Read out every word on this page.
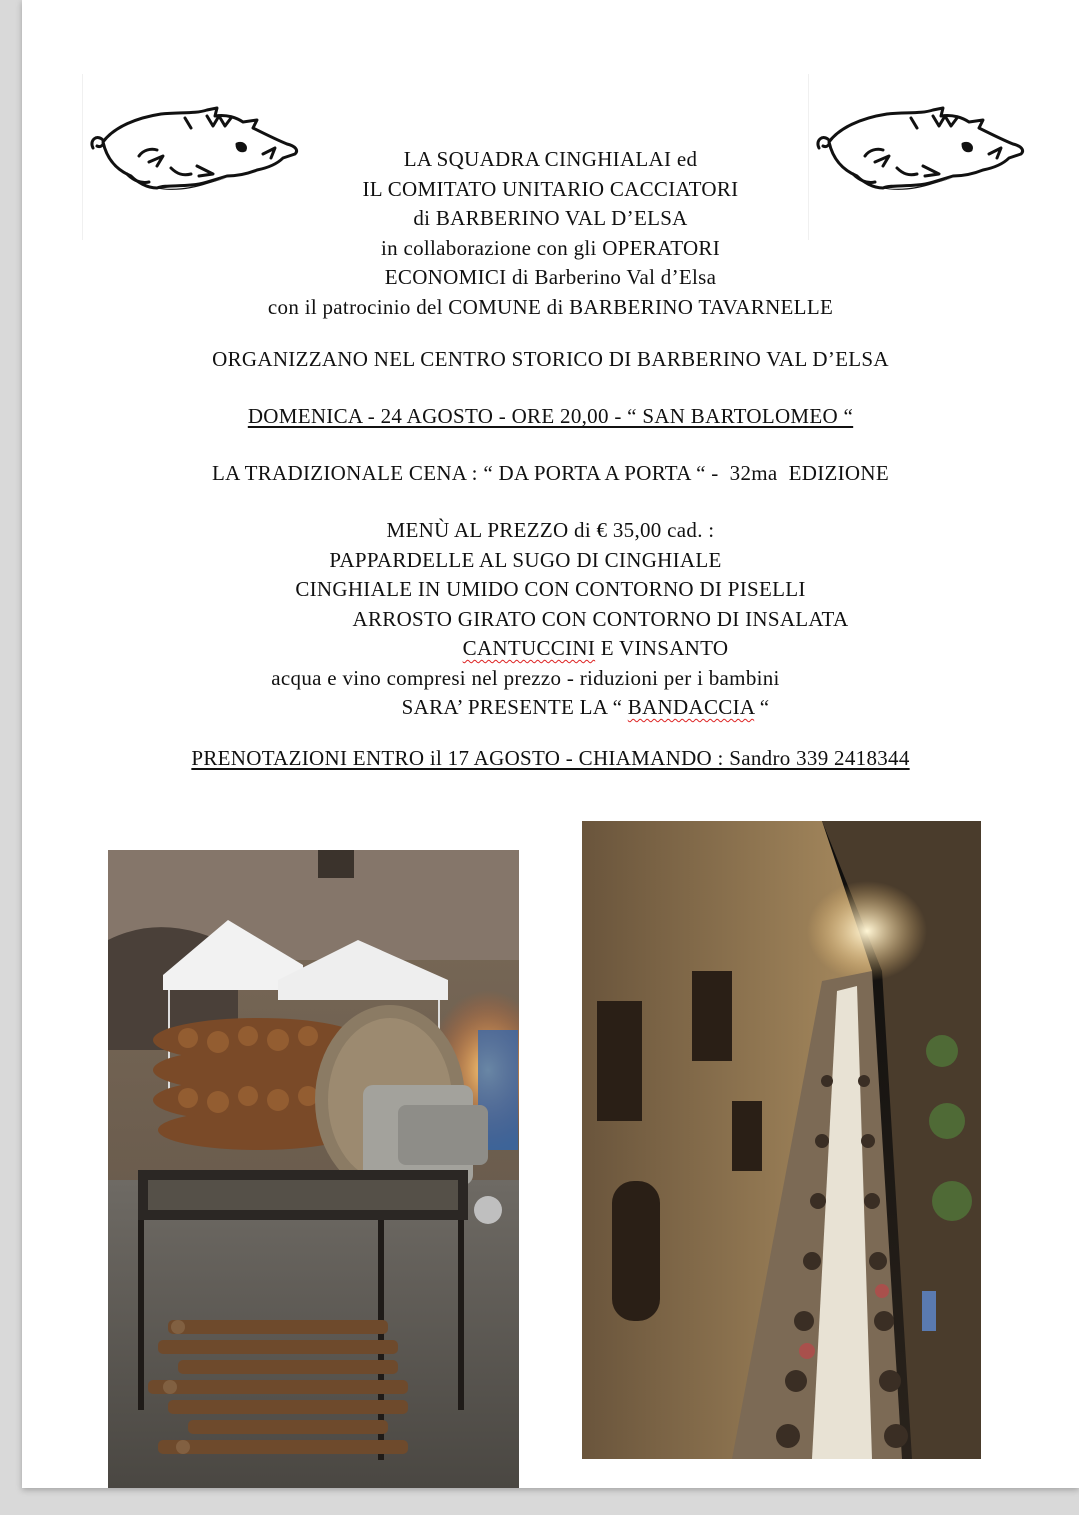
LA SQUADRA CINGHIALAI ed
IL COMITATO UNITARIO CACCIATORI
di BARBERINO VAL D’ELSA
in collaborazione con gli OPERATORI
ECONOMICI di Barberino Val d’Elsa
con il patrocinio del COMUNE di BARBERINO TAVARNELLE
ORGANIZZANO NEL CENTRO STORICO DI BARBERINO VAL D’ELSA
DOMENICA - 24 AGOSTO - ORE 20,00 - “ SAN BARTOLOMEO “
LA TRADIZIONALE CENA : “ DA PORTA A PORTA “ -  32ma  EDIZIONE
MENÙ AL PREZZO di € 35,00 cad. :
PAPPARDELLE AL SUGO DI CINGHIALE
CINGHIALE IN UMIDO CON CONTORNO DI PISELLI
ARROSTO GIRATO CON CONTORNO DI INSALATA
CANTUCCINI E VINSANTO
acqua e vino compresi nel prezzo - riduzioni per i bambini
SARA’ PRESENTE LA “ BANDACCIA “
PRENOTAZIONI ENTRO il 17 AGOSTO - CHIAMANDO : Sandro 339 2418344
